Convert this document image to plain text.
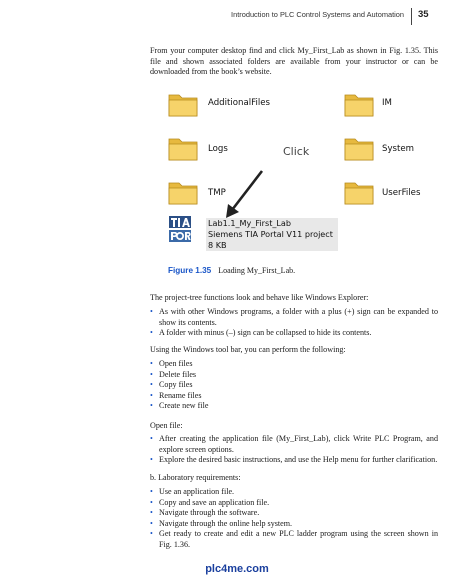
Introduction to PLC Control Systems and Automation 35

From your computer desktop find and click My_First_Lab as shown in Fig. 1.35. This file and shown associated folders are available from your instructor or can be downloaded from the book’s website.

AdditionalFiles	IM
Logs	Click	System
TMP	UserFiles
Lab1.1_My_First_Lab
Siemens TIA Portal V11 project
8 KB
Figure 1.35 Loading My_First_Lab.

The project-tree functions look and behave like Windows Explorer:

• As with other Windows programs, a folder with a plus (+) sign can be expanded to show its contents.
• A folder with minus (–) sign can be collapsed to hide its contents.

Using the Windows tool bar, you can perform the following:

• Open files
• Delete files
• Copy files
• Rename files
• Create new file

Open file:

• After creating the application file (My_First_Lab), click Write PLC Program, and explore screen options.
• Explore the desired basic instructions, and use the Help menu for further clarification.

b. Laboratory requirements:

• Use an application file.
• Copy and save an application file.
• Navigate through the software.
• Navigate through the online help system.
• Get ready to create and edit a new PLC ladder program using the screen shown in Fig. 1.36.
plc4me.com
